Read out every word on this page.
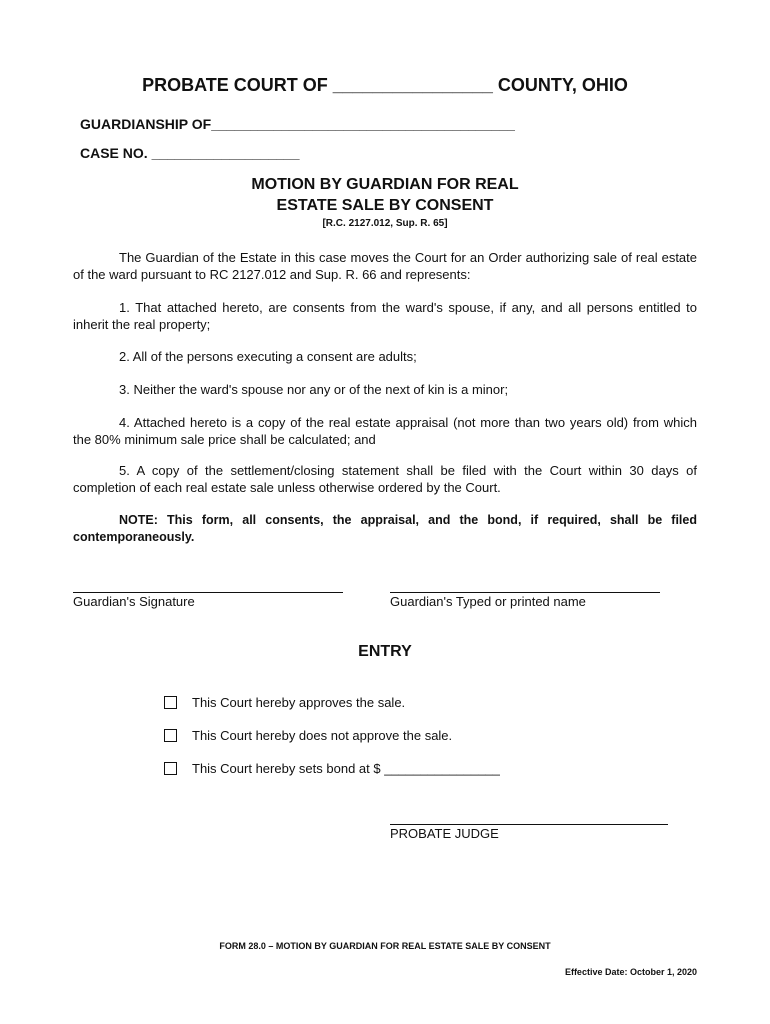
PROBATE COURT OF ________________ COUNTY, OHIO
GUARDIANSHIP OF_______________________________________
CASE NO. ___________________
MOTION BY GUARDIAN FOR REAL
ESTATE SALE BY CONSENT
[R.C. 2127.012, Sup. R. 65]
The Guardian of the Estate in this case moves the Court for an Order authorizing sale of real estate of the ward pursuant to RC 2127.012 and Sup. R. 66 and represents:
1. That attached hereto, are consents from the ward's spouse, if any, and all persons entitled to inherit the real property;
2. All of the persons executing a consent are adults;
3. Neither the ward's spouse nor any or of the next of kin is a minor;
4. Attached hereto is a copy of the real estate appraisal (not more than two years old) from which the 80% minimum sale price shall be calculated; and
5. A copy of the settlement/closing statement shall be filed with the Court within 30 days of completion of each real estate sale unless otherwise ordered by the Court.
NOTE: This form, all consents, the appraisal, and the bond, if required, shall be filed contemporaneously.
Guardian's Signature	Guardian's Typed or printed name
ENTRY
This Court hereby approves the sale.
This Court hereby does not approve the sale.
This Court hereby sets bond at $ ________________
PROBATE JUDGE
FORM 28.0 – MOTION BY GUARDIAN FOR REAL ESTATE SALE BY CONSENT
Effective Date: October 1, 2020
